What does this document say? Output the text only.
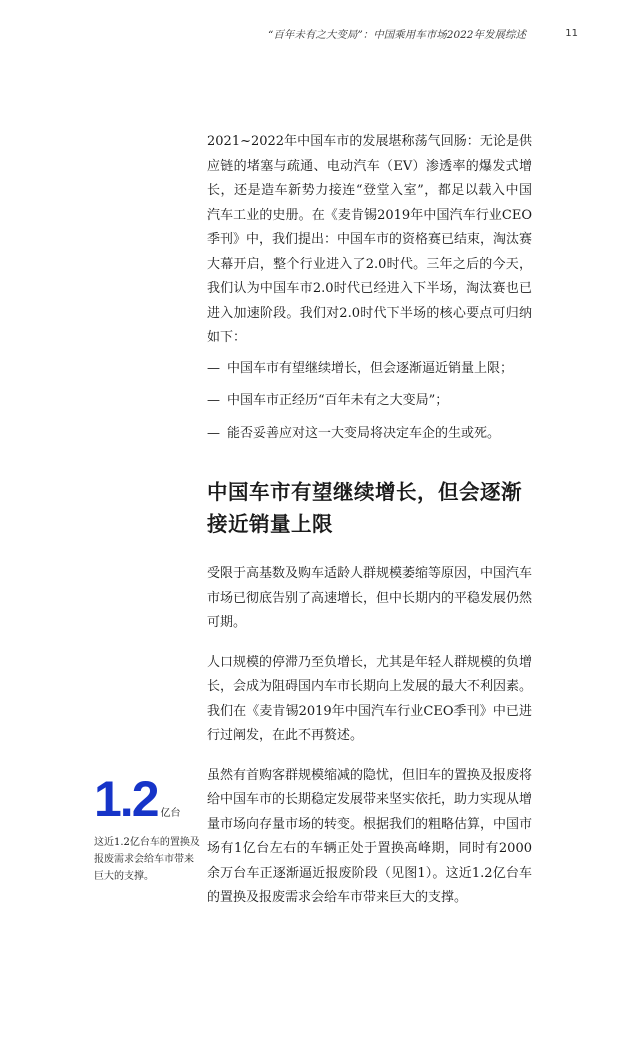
“百年未有之大变局”：中国乘用车市场2022年发展综述	11

2021~2022年中国车市的发展堪称荡气回肠：无论是供应链的堵塞与疏通、电动汽车（EV）渗透率的爆发式增长，还是造车新势力接连“登堂入室”，都足以载入中国汽车工业的史册。在《麦肯锡2019年中国汽车行业CEO季刊》中，我们提出：中国车市的资格赛已结束，淘汰赛大幕开启，整个行业进入了2.0时代。三年之后的今天，我们认为中国车市2.0时代已经进入下半场，淘汰赛也已进入加速阶段。我们对2.0时代下半场的核心要点可归纳如下：

— 中国车市有望继续增长，但会逐渐逼近销量上限；
— 中国车市正经历“百年未有之大变局”；
— 能否妥善应对这一大变局将决定车企的生或死。
中国车市有望继续增长，但会逐渐接近销量上限

受限于高基数及购车适龄人群规模萎缩等原因，中国汽车市场已彻底告别了高速增长，但中长期内的平稳发展仍然可期。

人口规模的停滞乃至负增长，尤其是年轻人群规模的负增长，会成为阻碍国内车市长期向上发展的最大不利因素。我们在《麦肯锡2019年中国汽车行业CEO季刊》中已进行过阐发，在此不再赘述。

虽然有首购客群规模缩减的隐忧，但旧车的置换及报废将给中国车市的长期稳定发展带来坚实依托，助力实现从增量市场向存量市场的转变。根据我们的粗略估算，中国市场有1亿台左右的车辆正处于置换高峰期，同时有2000余万台车正逐渐逼近报废阶段（见图1）。这近1.2亿台车的置换及报废需求会给车市带来巨大的支撑。

1.2 亿台
这近1.2亿台车的置换及报废需求会给车市带来巨大的支撑。
